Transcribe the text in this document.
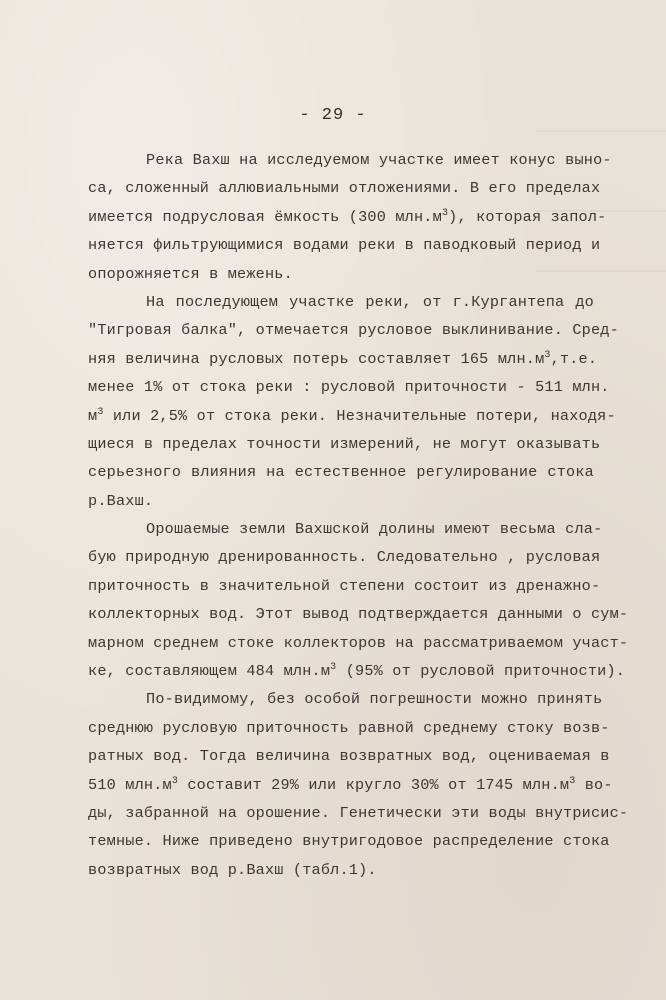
- 29 -
Река Вахш на исследуемом участке имеет конус выно-
са, сложенный аллювиальными отложениями. В его пределах
имеется подрусловая ёмкость (300 $млн.м^3$), которая запол-
няется фильтрующимися водами реки в паводковый период и
опорожняется в межень.
На последующем участке реки, от г.Кургантепа до
"Тигровая балка", отмечается русловое выклинивание. Сред-
няя величина русловых потерь составляет 165 $млн.м^3,т.е$.
менее 1% от стока реки : русловой приточности - 511 млн.
$м^3$ или 2,5% от стока реки. Незначительные потери, находя-
щиеся в пределах точности измерений, не могут оказывать
серьезного влияния на естественное регулирование стока
р.Вахш.
Орошаемые земли Вахшской долины имеют весьма сла-
бую природную дренированность. Следовательно , русловая
приточность в значительной степени состоит из дренажно-
коллекторных вод. Этот вывод подтверждается данными о сум-
марном среднем стоке коллекторов на рассматриваемом участ-
ке, составляющем 484 $млн.м^3$ (95% от русловой приточности).
По-видимому, без особой погрешности можно принять
среднюю русловую приточность равной среднему стоку возв-
ратных вод. Тогда величина возвратных вод, оцениваемая в
510 $млн.м^3$ составит 29% или кругло 30% от 1745 $млн.м^3$ во-
ды, забранной на орошение. Генетически эти воды внутрисис-
темные. Ниже приведено внутригодовое распределение стока
возвратных вод р.Вахш (табл.1).
